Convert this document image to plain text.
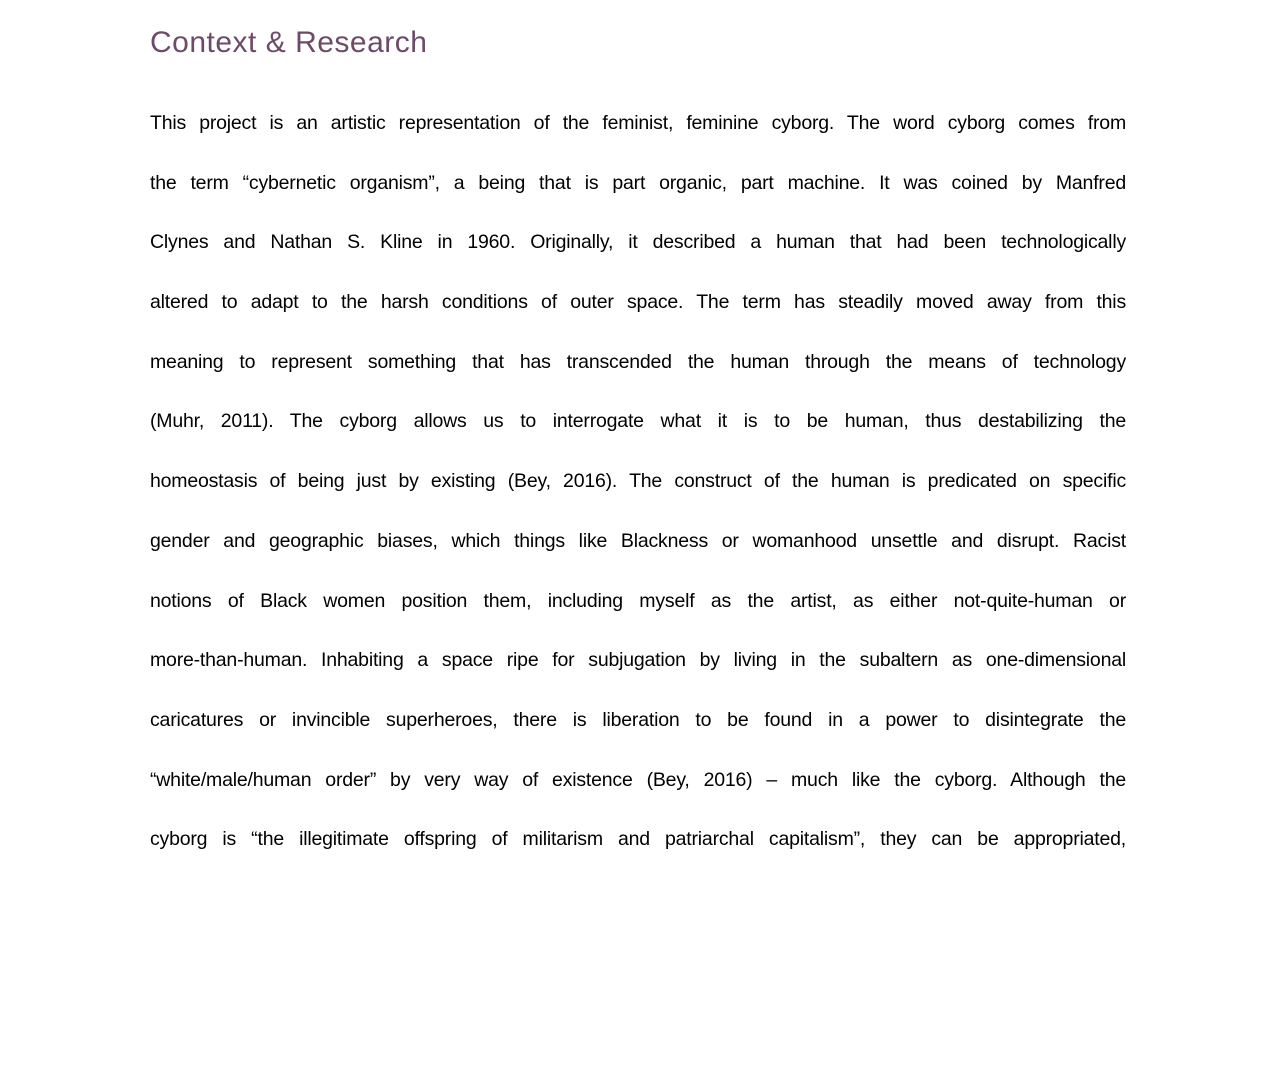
Context & Research
This project is an artistic representation of the feminist, feminine cyborg. The word cyborg comes from
the term “cybernetic organism”, a being that is part organic, part machine. It was coined by Manfred
Clynes and Nathan S. Kline in 1960. Originally, it described a human that had been technologically
altered to adapt to the harsh conditions of outer space. The term has steadily moved away from this
meaning to represent something that has transcended the human through the means of technology
(Muhr, 2011). The cyborg allows us to interrogate what it is to be human, thus destabilizing the
homeostasis of being just by existing (Bey, 2016). The construct of the human is predicated on specific
gender and geographic biases, which things like Blackness or womanhood unsettle and disrupt. Racist
notions of Black women position them, including myself as the artist, as either not-quite-human or
more-than-human. Inhabiting a space ripe for subjugation by living in the subaltern as one-dimensional
caricatures or invincible superheroes, there is liberation to be found in a power to disintegrate the
“white/male/human order” by very way of existence (Bey, 2016) – much like the cyborg. Although the
cyborg is “the illegitimate offspring of militarism and patriarchal capitalism”, they can be appropriated,
